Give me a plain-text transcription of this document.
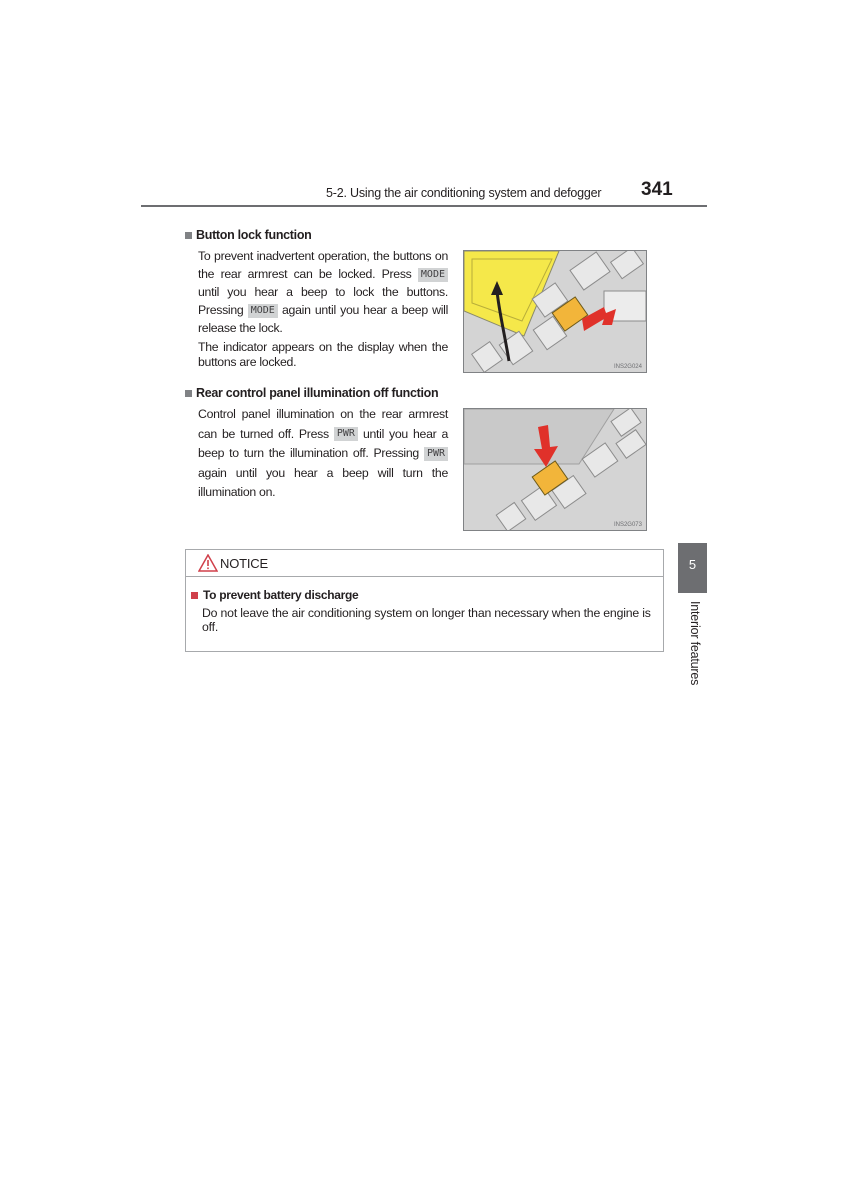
5-2. Using the air conditioning system and defogger 341
Button lock function
To prevent inadvertent operation, the buttons on the rear armrest can be locked. Press MODE until you hear a beep to lock the buttons. Pressing MODE again until you hear a beep will release the lock.
The indicator appears on the display when the buttons are locked.	INS2G024
Rear control panel illumination off function
Control panel illumination on the rear armrest can be turned off. Press PWR until you hear a beep to turn the illumination off. Pressing PWR again until you hear a beep will turn the illumination on.
INS2G073
NOTICE
To prevent battery discharge
Do not leave the air conditioning system on longer than necessary when the engine is off.
5
Interior features
